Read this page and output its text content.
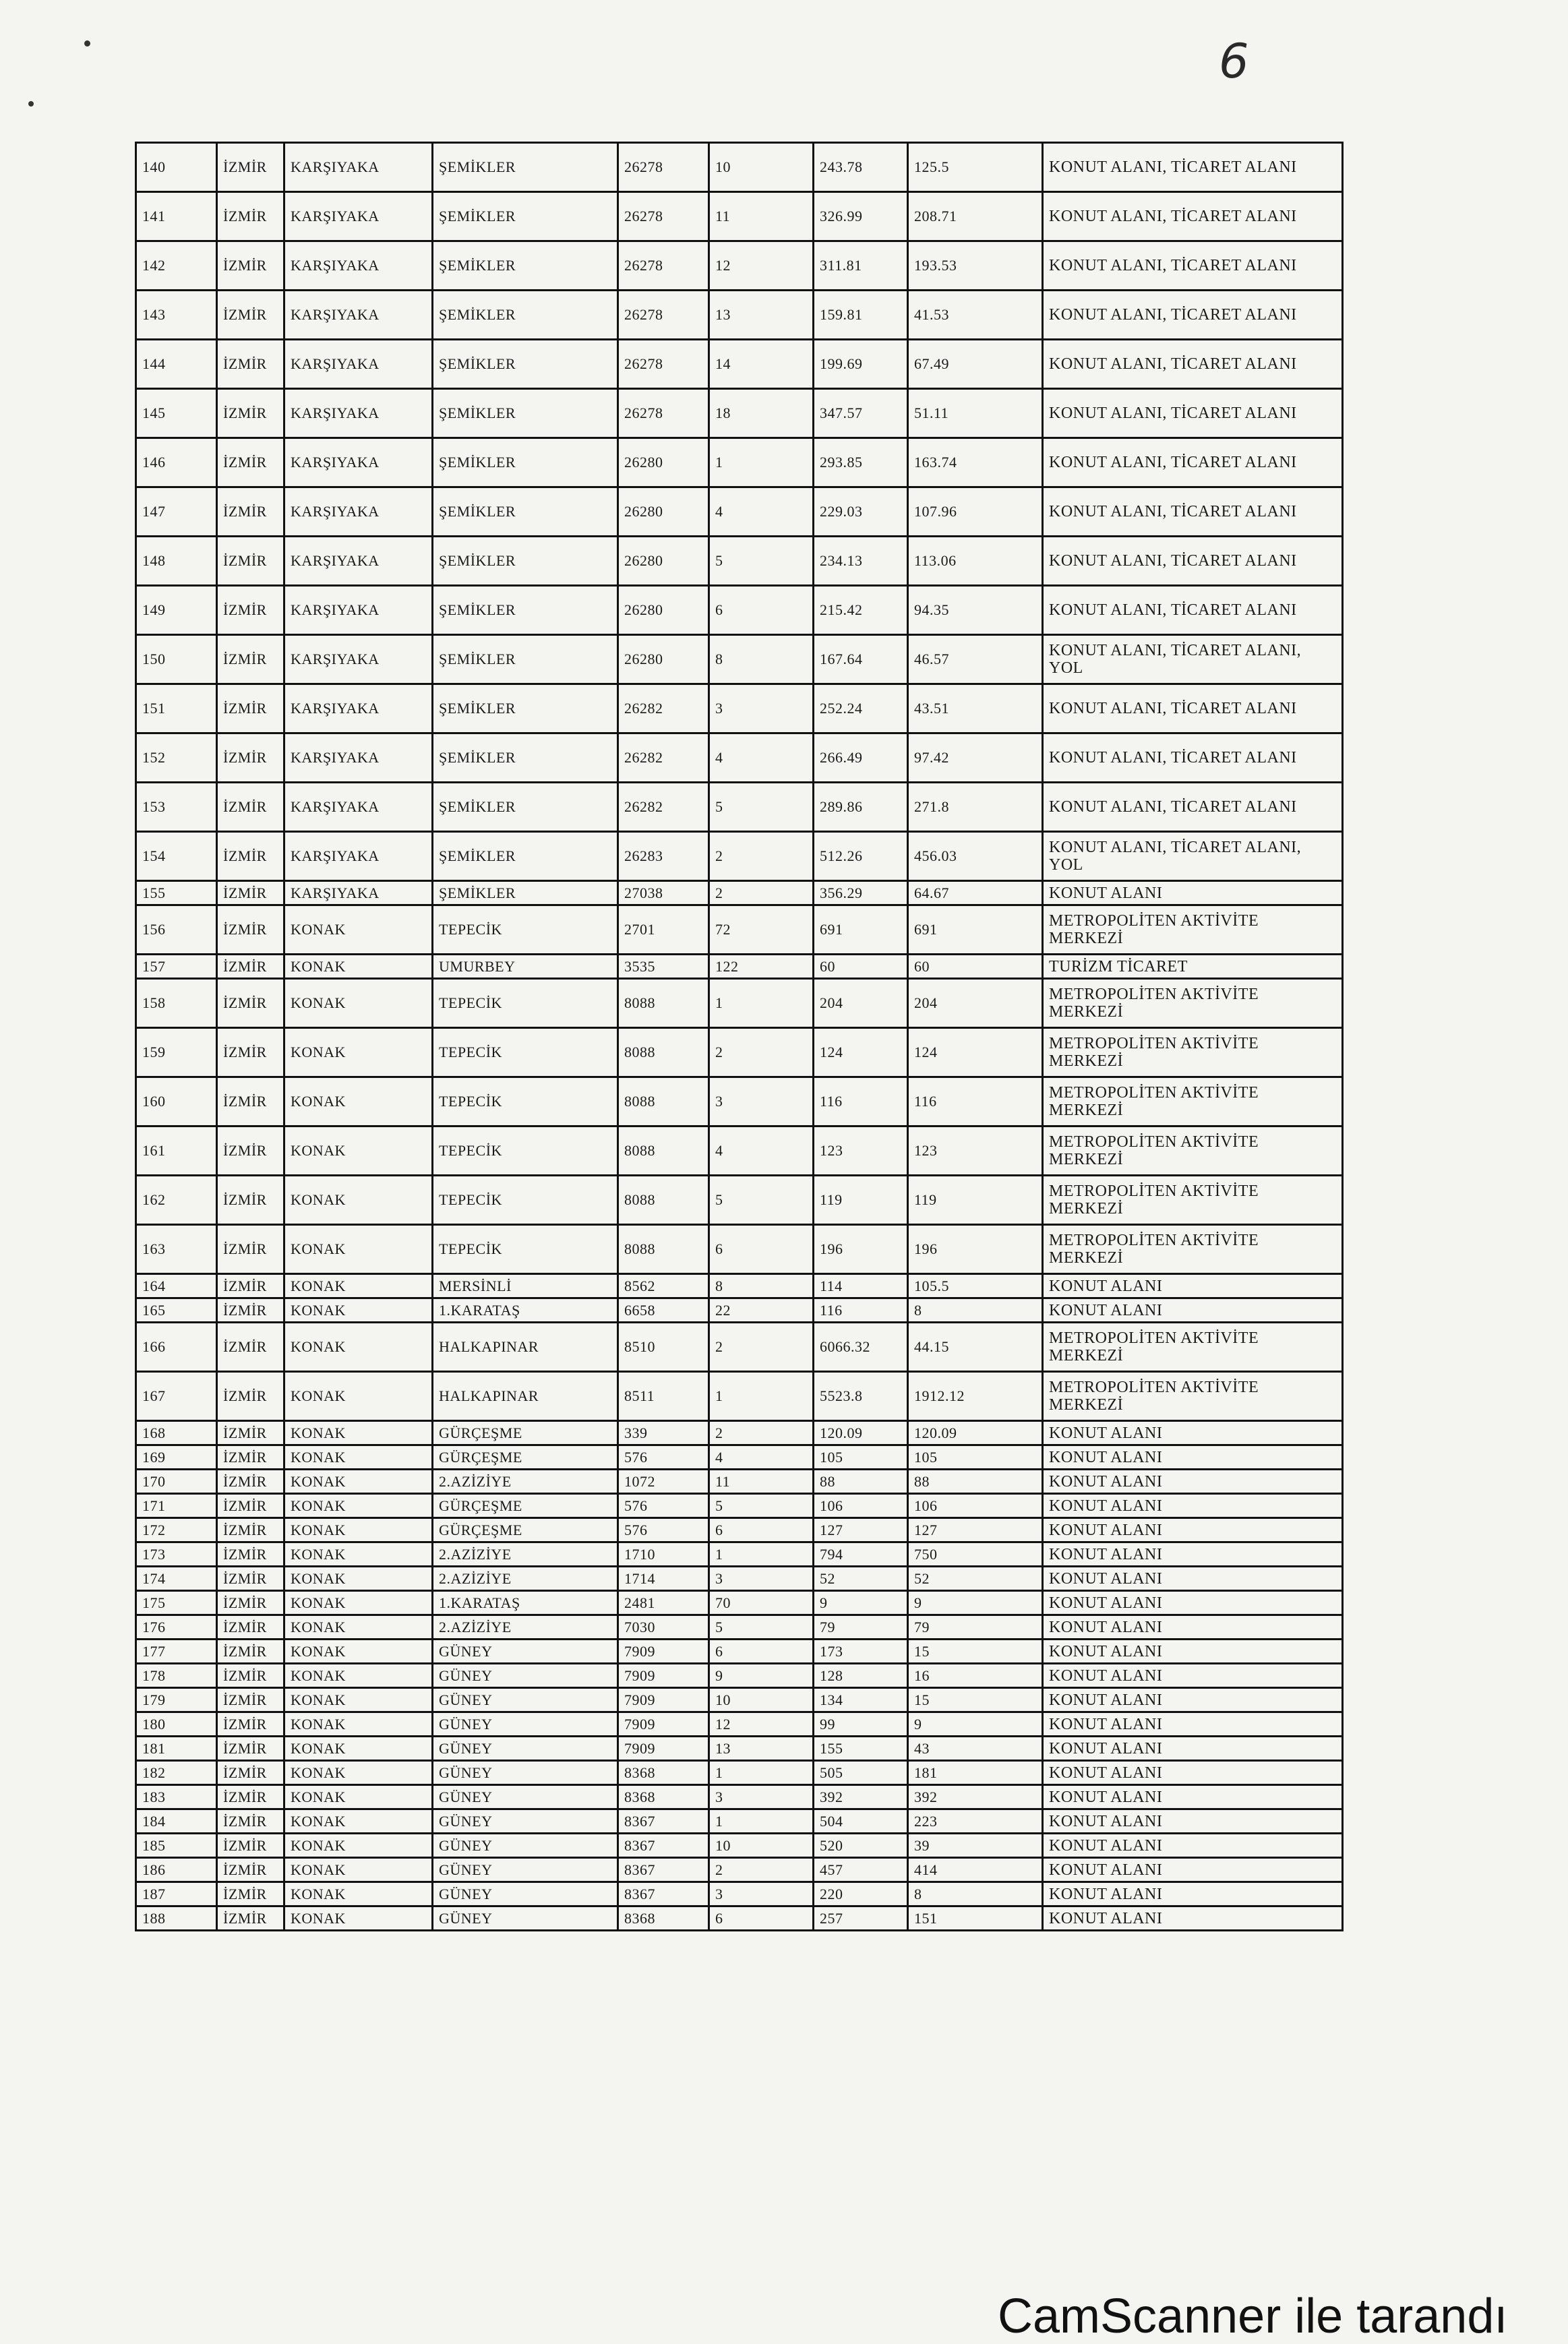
6
140	İZMİR	KARŞIYAKA	ŞEMİKLER	26278	10	243.78	125.5	KONUT ALANI, TİCARET ALANI
141	İZMİR	KARŞIYAKA	ŞEMİKLER	26278	11	326.99	208.71	KONUT ALANI, TİCARET ALANI
142	İZMİR	KARŞIYAKA	ŞEMİKLER	26278	12	311.81	193.53	KONUT ALANI, TİCARET ALANI
143	İZMİR	KARŞIYAKA	ŞEMİKLER	26278	13	159.81	41.53	KONUT ALANI, TİCARET ALANI
144	İZMİR	KARŞIYAKA	ŞEMİKLER	26278	14	199.69	67.49	KONUT ALANI, TİCARET ALANI
145	İZMİR	KARŞIYAKA	ŞEMİKLER	26278	18	347.57	51.11	KONUT ALANI, TİCARET ALANI
146	İZMİR	KARŞIYAKA	ŞEMİKLER	26280	1	293.85	163.74	KONUT ALANI, TİCARET ALANI
147	İZMİR	KARŞIYAKA	ŞEMİKLER	26280	4	229.03	107.96	KONUT ALANI, TİCARET ALANI
148	İZMİR	KARŞIYAKA	ŞEMİKLER	26280	5	234.13	113.06	KONUT ALANI, TİCARET ALANI
149	İZMİR	KARŞIYAKA	ŞEMİKLER	26280	6	215.42	94.35	KONUT ALANI, TİCARET ALANI
150	İZMİR	KARŞIYAKA	ŞEMİKLER	26280	8	167.64	46.57	KONUT ALANI, TİCARET ALANI, YOL
151	İZMİR	KARŞIYAKA	ŞEMİKLER	26282	3	252.24	43.51	KONUT ALANI, TİCARET ALANI
152	İZMİR	KARŞIYAKA	ŞEMİKLER	26282	4	266.49	97.42	KONUT ALANI, TİCARET ALANI
153	İZMİR	KARŞIYAKA	ŞEMİKLER	26282	5	289.86	271.8	KONUT ALANI, TİCARET ALANI
154	İZMİR	KARŞIYAKA	ŞEMİKLER	26283	2	512.26	456.03	KONUT ALANI, TİCARET ALANI, YOL
155	İZMİR	KARŞIYAKA	ŞEMİKLER	27038	2	356.29	64.67	KONUT ALANI
156	İZMİR	KONAK	TEPECİK	2701	72	691	691	METROPOLİTEN AKTİVİTE MERKEZİ
157	İZMİR	KONAK	UMURBEY	3535	122	60	60	TURİZM TİCARET
158	İZMİR	KONAK	TEPECİK	8088	1	204	204	METROPOLİTEN AKTİVİTE MERKEZİ
159	İZMİR	KONAK	TEPECİK	8088	2	124	124	METROPOLİTEN AKTİVİTE MERKEZİ
160	İZMİR	KONAK	TEPECİK	8088	3	116	116	METROPOLİTEN AKTİVİTE MERKEZİ
161	İZMİR	KONAK	TEPECİK	8088	4	123	123	METROPOLİTEN AKTİVİTE MERKEZİ
162	İZMİR	KONAK	TEPECİK	8088	5	119	119	METROPOLİTEN AKTİVİTE MERKEZİ
163	İZMİR	KONAK	TEPECİK	8088	6	196	196	METROPOLİTEN AKTİVİTE MERKEZİ
164	İZMİR	KONAK	MERSİNLİ	8562	8	114	105.5	KONUT ALANI
165	İZMİR	KONAK	1.KARATAŞ	6658	22	116	8	KONUT ALANI
166	İZMİR	KONAK	HALKAPINAR	8510	2	6066.32	44.15	METROPOLİTEN AKTİVİTE MERKEZİ
167	İZMİR	KONAK	HALKAPINAR	8511	1	5523.8	1912.12	METROPOLİTEN AKTİVİTE MERKEZİ
168	İZMİR	KONAK	GÜRÇEŞME	339	2	120.09	120.09	KONUT ALANI
169	İZMİR	KONAK	GÜRÇEŞME	576	4	105	105	KONUT ALANI
170	İZMİR	KONAK	2.AZİZİYE	1072	11	88	88	KONUT ALANI
171	İZMİR	KONAK	GÜRÇEŞME	576	5	106	106	KONUT ALANI
172	İZMİR	KONAK	GÜRÇEŞME	576	6	127	127	KONUT ALANI
173	İZMİR	KONAK	2.AZİZİYE	1710	1	794	750	KONUT ALANI
174	İZMİR	KONAK	2.AZİZİYE	1714	3	52	52	KONUT ALANI
175	İZMİR	KONAK	1.KARATAŞ	2481	70	9	9	KONUT ALANI
176	İZMİR	KONAK	2.AZİZİYE	7030	5	79	79	KONUT ALANI
177	İZMİR	KONAK	GÜNEY	7909	6	173	15	KONUT ALANI
178	İZMİR	KONAK	GÜNEY	7909	9	128	16	KONUT ALANI
179	İZMİR	KONAK	GÜNEY	7909	10	134	15	KONUT ALANI
180	İZMİR	KONAK	GÜNEY	7909	12	99	9	KONUT ALANI
181	İZMİR	KONAK	GÜNEY	7909	13	155	43	KONUT ALANI
182	İZMİR	KONAK	GÜNEY	8368	1	505	181	KONUT ALANI
183	İZMİR	KONAK	GÜNEY	8368	3	392	392	KONUT ALANI
184	İZMİR	KONAK	GÜNEY	8367	1	504	223	KONUT ALANI
185	İZMİR	KONAK	GÜNEY	8367	10	520	39	KONUT ALANI
186	İZMİR	KONAK	GÜNEY	8367	2	457	414	KONUT ALANI
187	İZMİR	KONAK	GÜNEY	8367	3	220	8	KONUT ALANI
188	İZMİR	KONAK	GÜNEY	8368	6	257	151	KONUT ALANI
CamScanner ile tarandı
